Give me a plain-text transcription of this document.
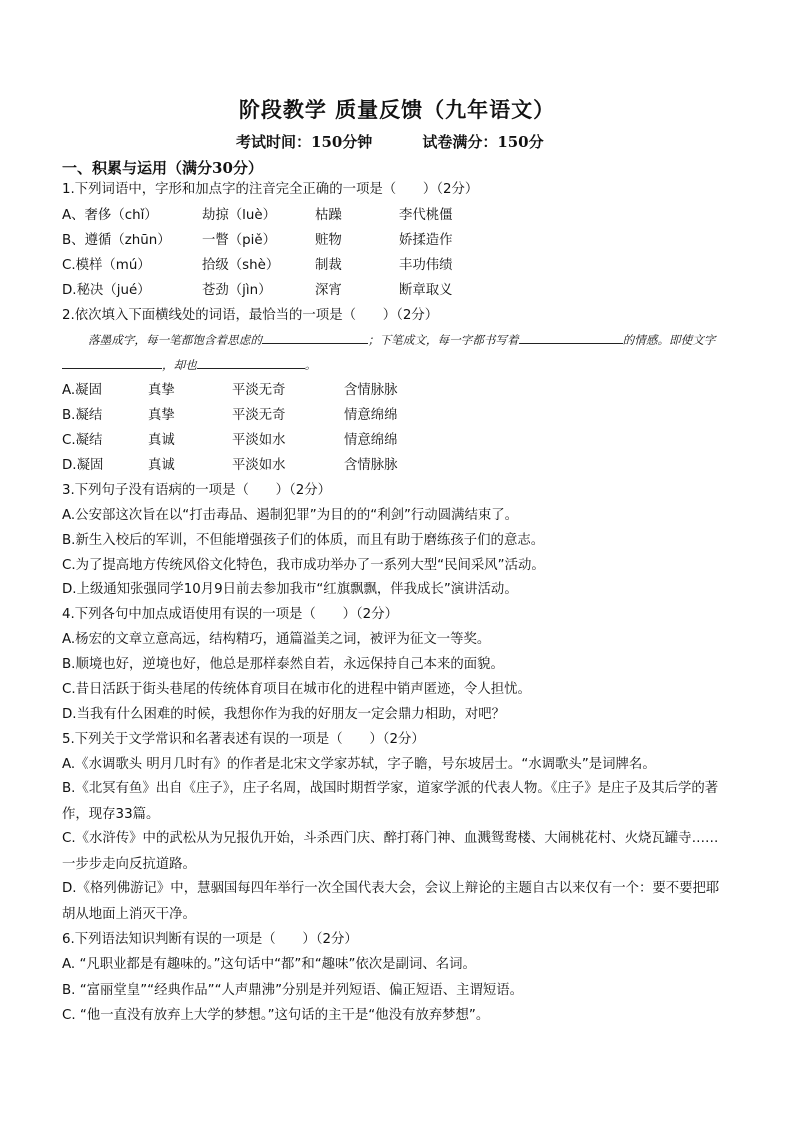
阶段教学 质量反馈（九年语文）
考试时间：150分钟	试卷满分：150分
一、积累与运用（满分30分）
1.下列词语中，字形和加点字的注音完全正确的一项是（　　）（2分）
A、奢侈（chǐ）	劫掠（luè）	枯躁	李代桃僵
B、遵循（zhūn） 一瞥（piě）	赃物	娇揉造作
C.模样（mú）	拾级（shè）	制裁	丰功伟绩
D.秘决（jué）	苍劲（jìn）	深宵	断章取义
2.依次填入下面横线处的词语，最恰当的一项是（　　）（2分）
落墨成字，每一笔都饱含着思虑的	；下笔成文，每一字都书写着	的情感。即使文字，却也	。
A.凝固	真挚	平淡无奇	含情脉脉
B.凝结	真挚	平淡无奇	情意绵绵
C.凝结	真诚	平淡如水	情意绵绵
D.凝固	真诚	平淡如水	含情脉脉
3.下列句子没有语病的一项是（　　）（2分）
A.公安部这次旨在以“打击毒品、遏制犯罪”为目的的“利剑”行动圆满结束了。
B.新生入校后的军训，不但能增强孩子们的体质，而且有助于磨练孩子们的意志。
C.为了提高地方传统风俗文化特色，我市成功举办了一系列大型“民间采风”活动。
D.上级通知张强同学10月9日前去参加我市“红旗飘飘，伴我成长”演讲活动。
4.下列各句中加点成语使用有误的一项是（　　）（2分）
A.杨宏的文章立意高远，结构精巧，通篇溢美之词，被评为征文一等奖。
B.顺境也好，逆境也好，他总是那样泰然自若，永远保持自己本来的面貌。
C.昔日活跃于街头巷尾的传统体育项目在城市化的进程中销声匿迹，令人担忧。
D.当我有什么困难的时候，我想你作为我的好朋友一定会鼎力相助，对吧？
5.下列关于文学常识和名著表述有误的一项是（　　）（2分）
A.《水调歌头 明月几时有》的作者是北宋文学家苏轼，字子瞻，号东坡居士。“水调歌头”是词牌名。
B.《北冥有鱼》出自《庄子》，庄子名周，战国时期哲学家，道家学派的代表人物。《庄子》是庄子及其后学的著作，现存33篇。
C.《水浒传》中的武松从为兄报仇开始，斗杀西门庆、醉打蒋门神、血溅鸳鸯楼、大闹桃花村、火烧瓦罐寺……一步步走向反抗道路。
D.《格列佛游记》中，慧骃国每四年举行一次全国代表大会，会议上辩论的主题自古以来仅有一个：要不要把耶胡从地面上消灭干净。
6.下列语法知识判断有误的一项是（　　）（2分）
A. “凡职业都是有趣味的。”这句话中“都”和“趣味”依次是副词、名词。
B. “富丽堂皇”“经典作品”“人声鼎沸”分别是并列短语、偏正短语、主谓短语。
C. “他一直没有放弃上大学的梦想。”这句话的主干是“他没有放弃梦想”。
